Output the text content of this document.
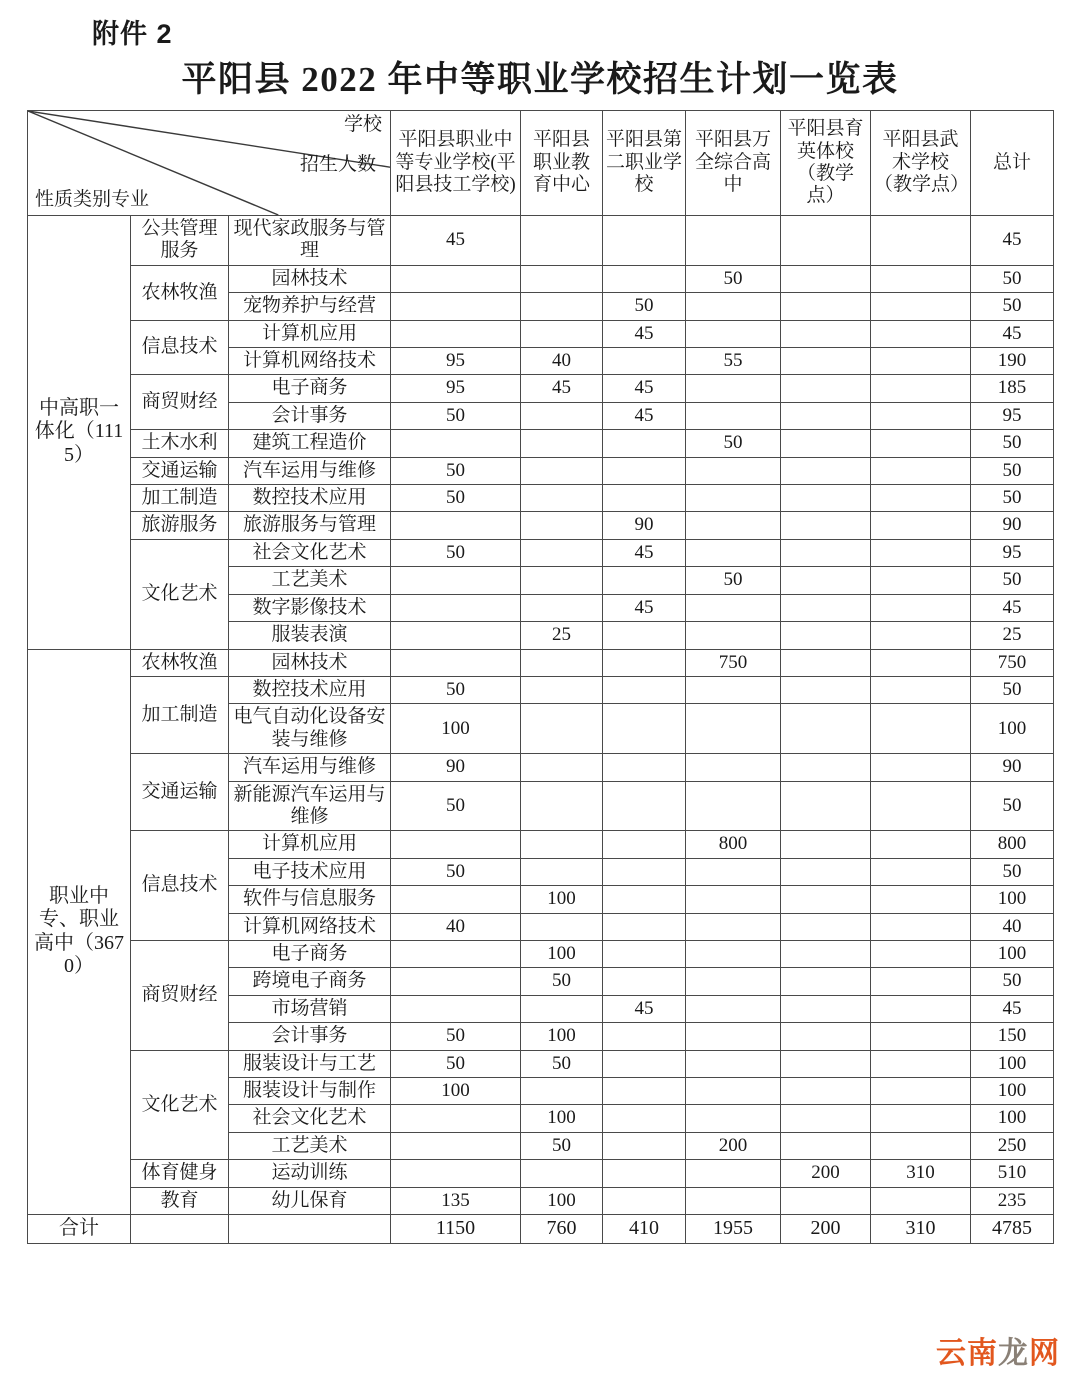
附件 2
平阳县 2022 年中等职业学校招生计划一览表
学校
招生人数
性质类别专业			平阳县职业中等专业学校(平阳县技工学校)	平阳县职业教育中心	平阳县第二职业学校	平阳县万全综合高中	平阳县育英体校（教学点）	平阳县武术学校（教学点）	总计
中高职一体化（1115）	公共管理服务	现代家政服务与管理	45						45
	农林牧渔	园林技术				50			50
		宠物养护与经营			50				50
	信息技术	计算机应用			45				45
		计算机网络技术	95	40		55			190
	商贸财经	电子商务	95	45	45				185
		会计事务	50		45				95
	土木水利	建筑工程造价				50			50
	交通运输	汽车运用与维修	50						50
	加工制造	数控技术应用	50						50
	旅游服务	旅游服务与管理			90				90
	文化艺术	社会文化艺术	50		45				95
		工艺美术				50			50
		数字影像技术			45				45
		服装表演		25					25
职业中专、职业高中（3670）	农林牧渔	园林技术				750			750
	加工制造	数控技术应用	50						50
		电气自动化设备安装与维修	100						100
	交通运输	汽车运用与维修	90						90
		新能源汽车运用与维修	50						50
	信息技术	计算机应用				800			800
		电子技术应用	50						50
		软件与信息服务		100					100
		计算机网络技术	40						40
	商贸财经	电子商务		100					100
		跨境电子商务		50					50
		市场营销			45				45
		会计事务	50	100					150
	文化艺术	服装设计与工艺	50	50					100
		服装设计与制作	100						100
		社会文化艺术		100					100
		工艺美术		50		200			250
	体育健身	运动训练					200	310	510
	教育	幼儿保育	135	100					235
合计			1150	760	410	1955	200	310	4785
云南龙网
